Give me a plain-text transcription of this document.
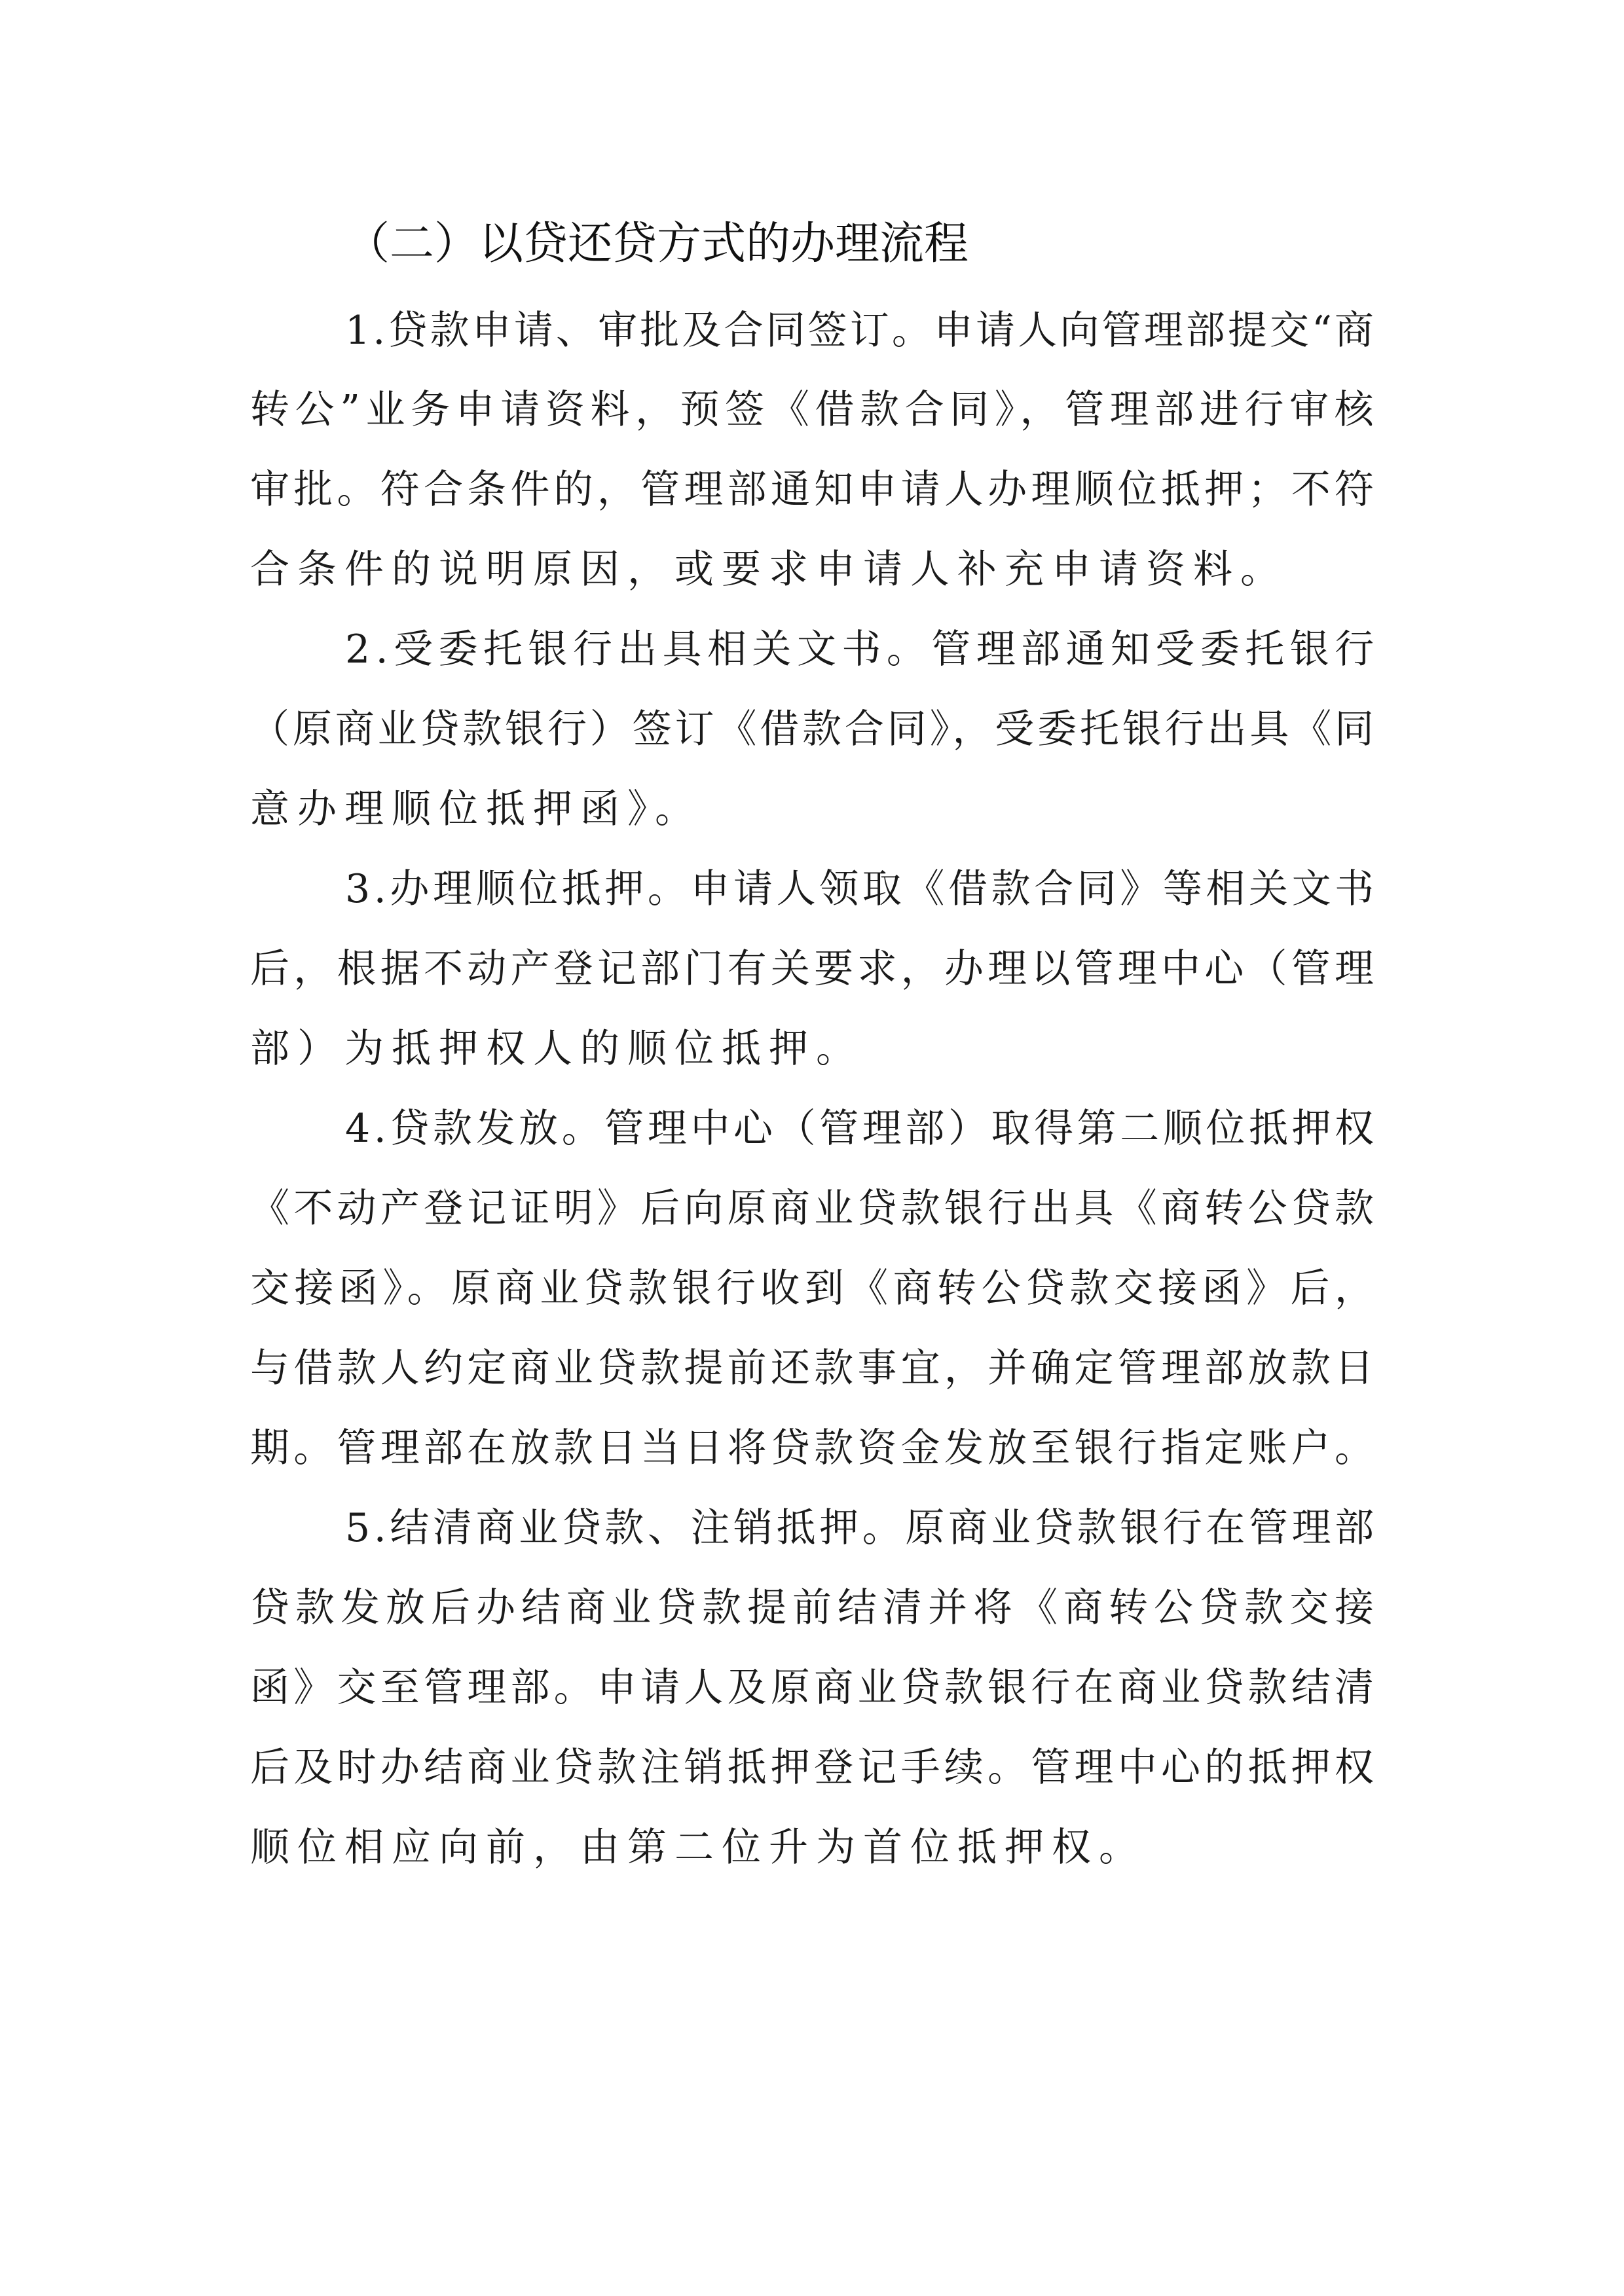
（二）以贷还贷方式的办理流程
1.贷款申请、审批及合同签订。申请人向管理部提交“商
转公”业务申请资料，预签《借款合同》，管理部进行审核
审批。符合条件的，管理部通知申请人办理顺位抵押；不符
合条件的说明原因，或要求申请人补充申请资料。
2.受委托银行出具相关文书。管理部通知受委托银行
（原商业贷款银行）签订《借款合同》，受委托银行出具《同
意办理顺位抵押函》。
3.办理顺位抵押。申请人领取《借款合同》等相关文书
后，根据不动产登记部门有关要求，办理以管理中心（管理
部）为抵押权人的顺位抵押。
4.贷款发放。管理中心（管理部）取得第二顺位抵押权
《不动产登记证明》后向原商业贷款银行出具《商转公贷款
交接函》。原商业贷款银行收到《商转公贷款交接函》后，
与借款人约定商业贷款提前还款事宜，并确定管理部放款日
期。管理部在放款日当日将贷款资金发放至银行指定账户。
5.结清商业贷款、注销抵押。原商业贷款银行在管理部
贷款发放后办结商业贷款提前结清并将《商转公贷款交接
函》交至管理部。申请人及原商业贷款银行在商业贷款结清
后及时办结商业贷款注销抵押登记手续。管理中心的抵押权
顺位相应向前，由第二位升为首位抵押权。
